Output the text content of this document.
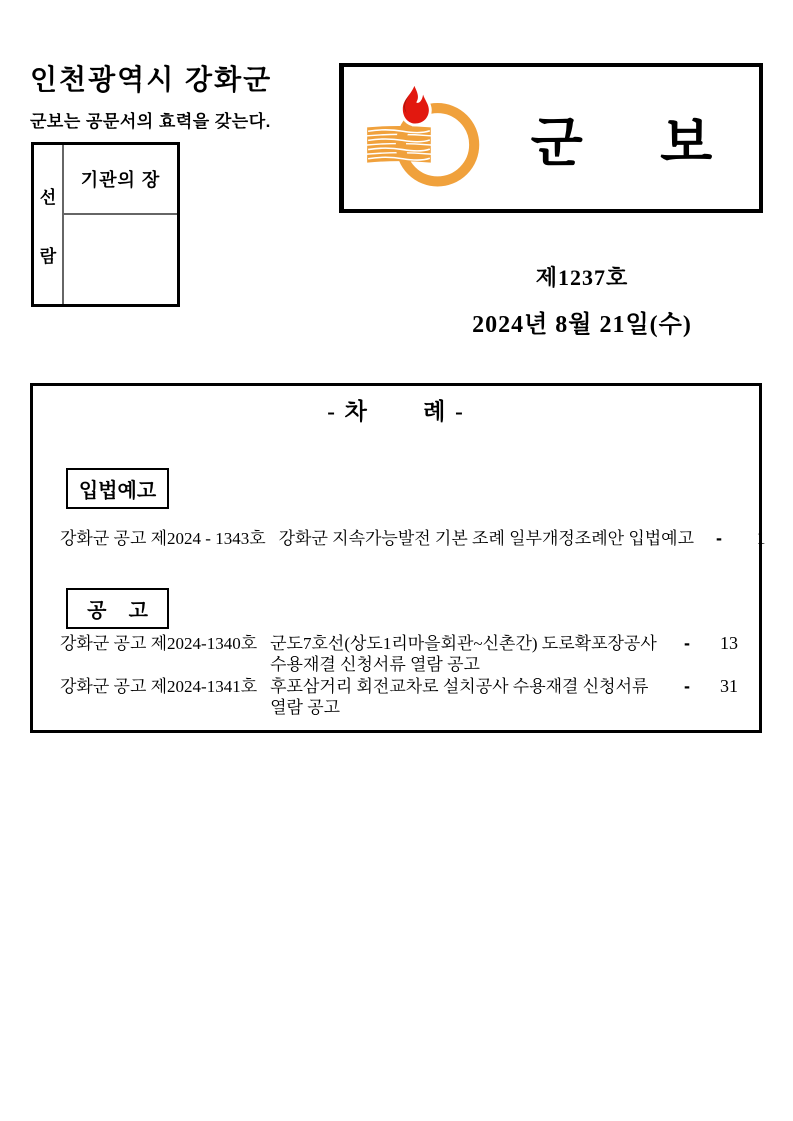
인천광역시 강화군
군보는 공문서의 효력을 갖는다.
선
람
기관의 장
군 보
제1237호
2024년 8월 21일(수)
- 차       례 -
입법예고
강화군 공고 제2024 - 1343호 강화군 지속가능발전 기본 조례 일부개정조례안 입법예고	-	1
공    고
강화군 공고 제2024-1340호 군도7호선(상도1리마을회관~신촌간) 도로확포장공사
수용재결 신청서류 열람 공고
-	13
강화군 공고 제2024-1341호 후포삼거리 회전교차로 설치공사 수용재결 신청서류
열람 공고
-	31
